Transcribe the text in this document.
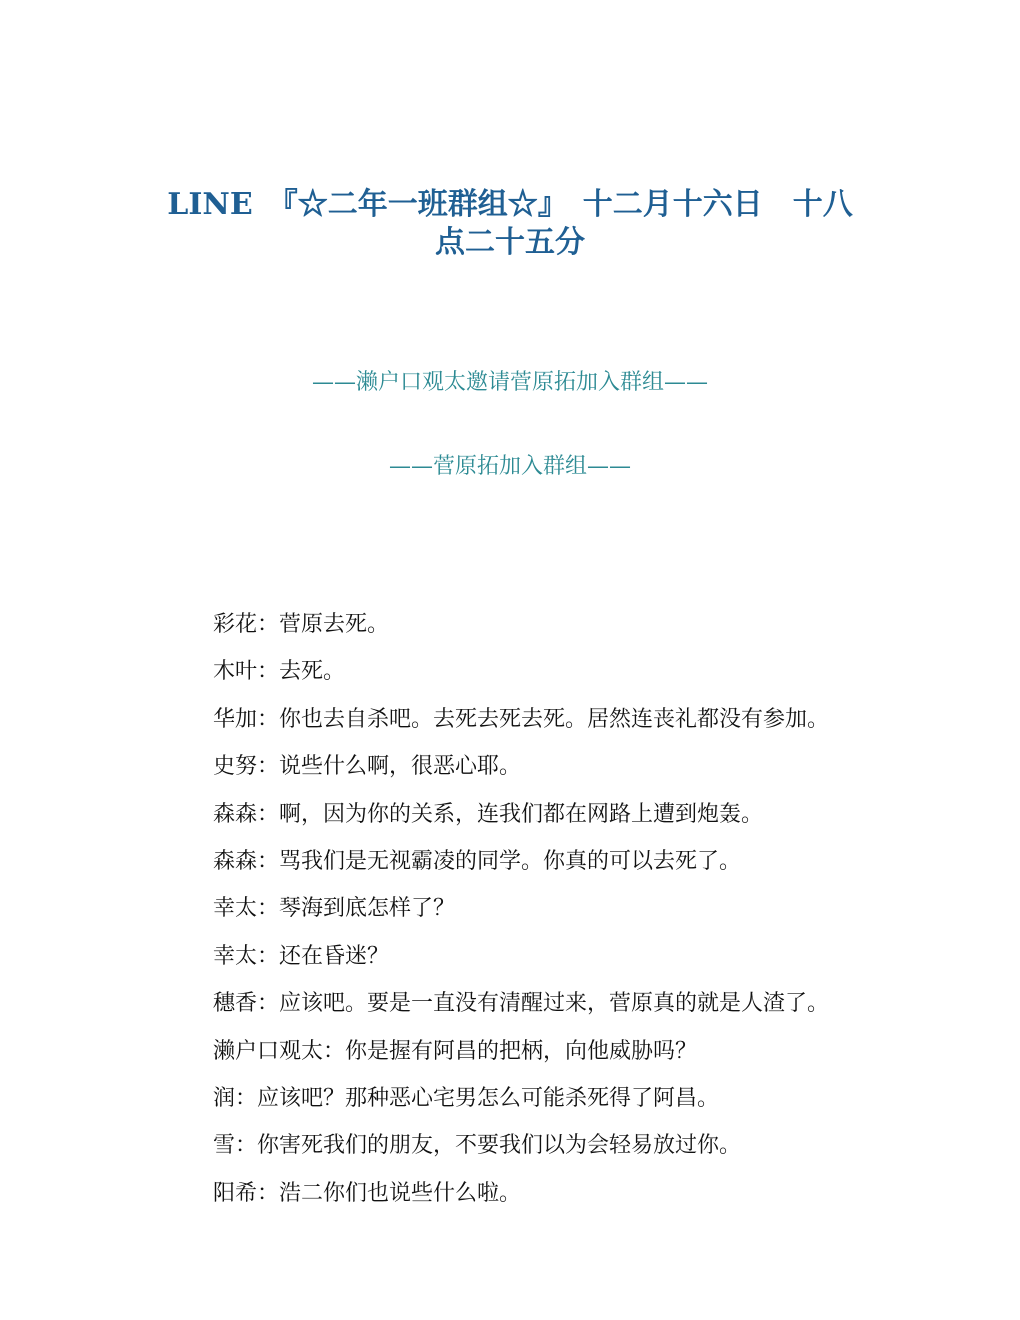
LINE　『☆二年一班群组☆』　十二月十六日　十八
点二十五分
——濑户口观太邀请菅原拓加入群组——
——菅原拓加入群组——

彩花：菅原去死。

木叶：去死。

华加：你也去自杀吧。去死去死去死。居然连丧礼都没有参加。

史努：说些什么啊，很恶心耶。

森森：啊，因为你的关系，连我们都在网路上遭到炮轰。

森森：骂我们是无视霸凌的同学。你真的可以去死了。

幸太：琴海到底怎样了？

幸太：还在昏迷？

穗香：应该吧。要是一直没有清醒过来，菅原真的就是人渣了。

濑户口观太：你是握有阿昌的把柄，向他威胁吗？

润：应该吧？那种恶心宅男怎么可能杀死得了阿昌。

雪：你害死我们的朋友，不要我们以为会轻易放过你。

阳希：浩二你们也说些什么啦。
